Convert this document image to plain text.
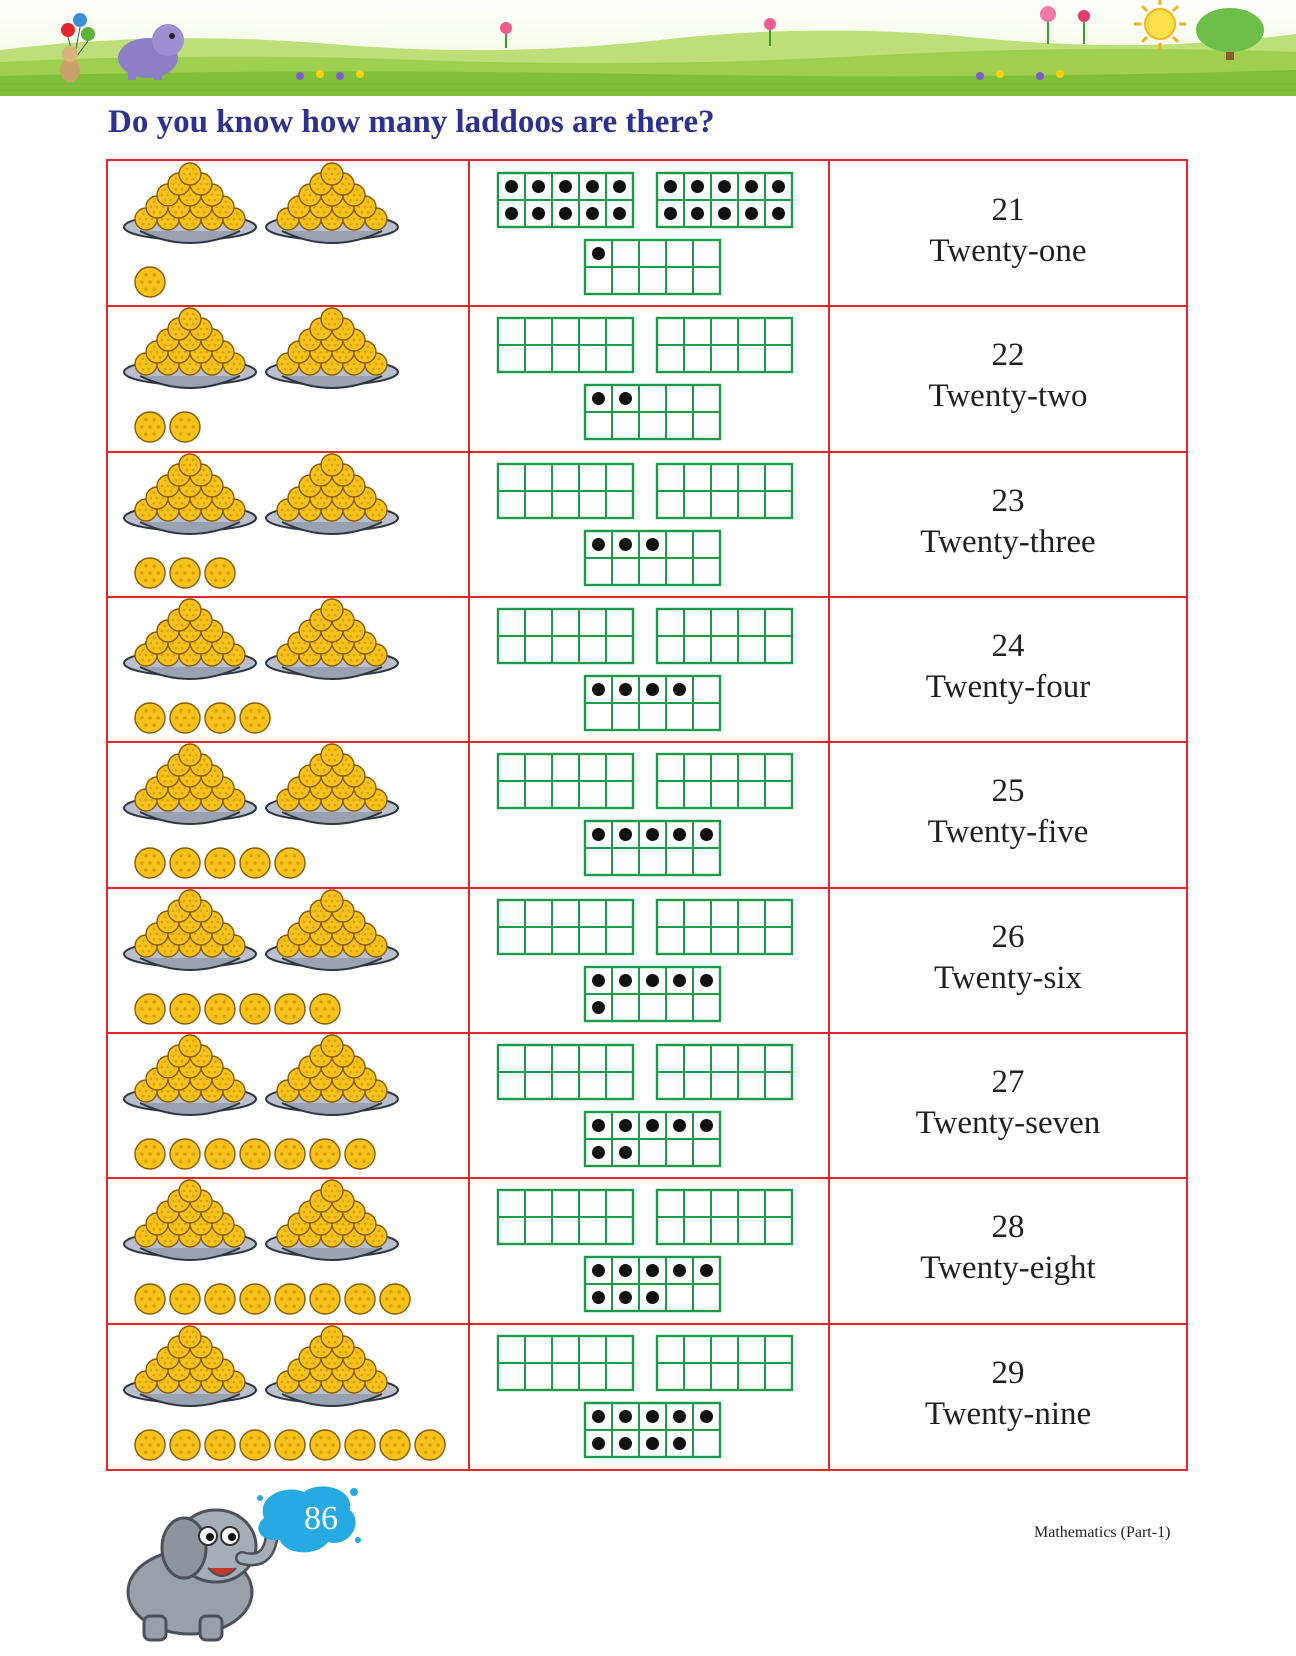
Do you know how many laddoos are there?
21
Twenty-one
22
Twenty-two
23
Twenty-three
24
Twenty-four
25
Twenty-five
26
Twenty-six
27
Twenty-seven
28
Twenty-eight
29
Twenty-nine
86	Mathematics (Part-1)
